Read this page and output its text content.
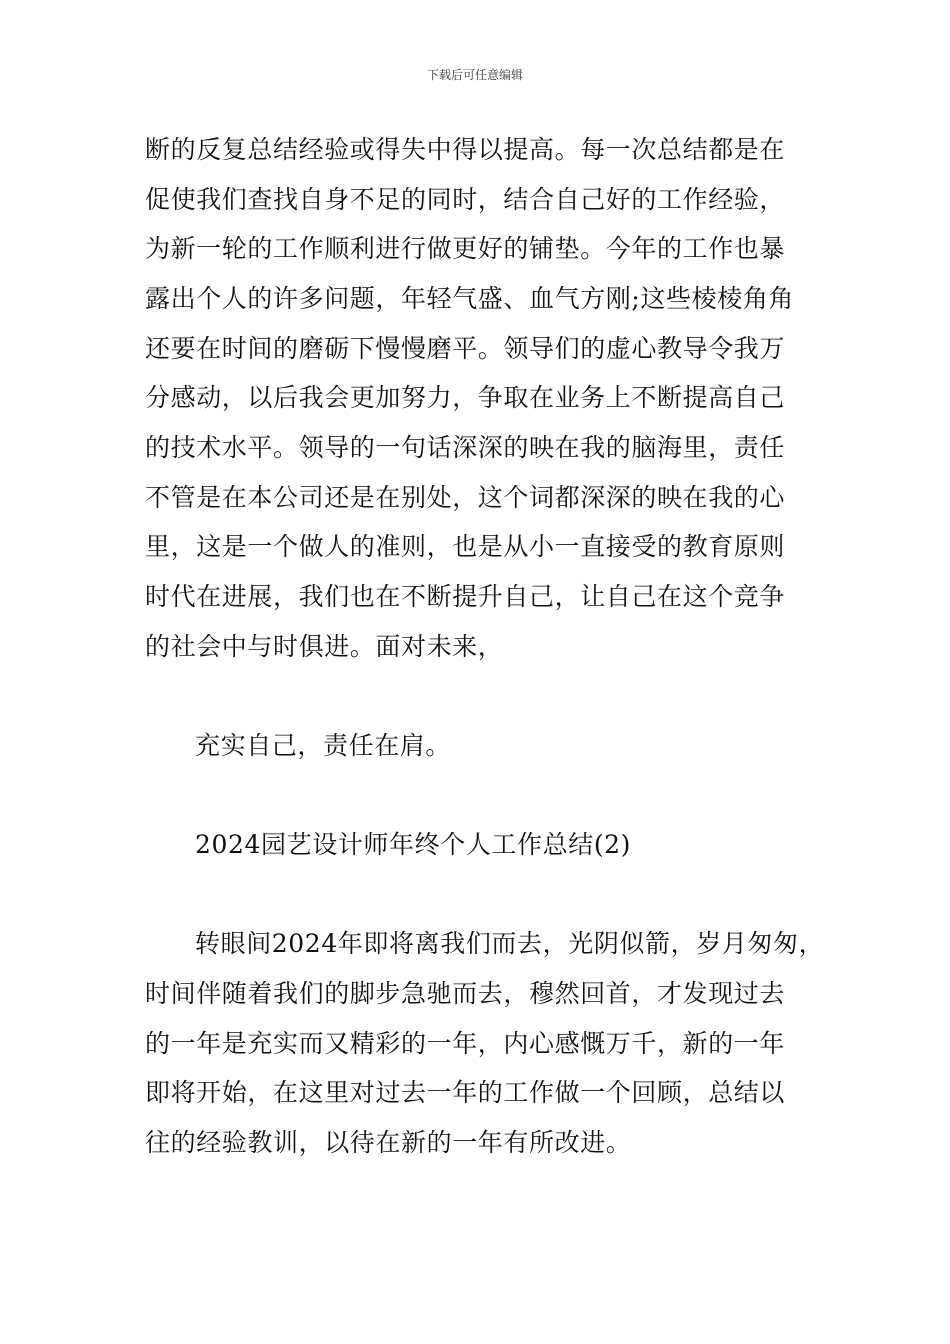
下载后可任意编辑
断的反复总结经验或得失中得以提高。每一次总结都是在
促使我们查找自身不足的同时，结合自己好的工作经验，
为新一轮的工作顺利进行做更好的铺垫。今年的工作也暴
露出个人的许多问题，年轻气盛、血气方刚;这些棱棱角角
还要在时间的磨砺下慢慢磨平。领导们的虚心教导令我万
分感动，以后我会更加努力，争取在业务上不断提高自己
的技术水平。领导的一句话深深的映在我的脑海里，责任
不管是在本公司还是在别处，这个词都深深的映在我的心
里，这是一个做人的准则，也是从小一直接受的教育原则
时代在进展，我们也在不断提升自己，让自己在这个竞争
的社会中与时俱进。面对未来，
充实自己，责任在肩。
2024园艺设计师年终个人工作总结(2)
转眼间2024年即将离我们而去，光阴似箭，岁月匆匆，
时间伴随着我们的脚步急驰而去，穆然回首，才发现过去
的一年是充实而又精彩的一年，内心感慨万千，新的一年
即将开始，在这里对过去一年的工作做一个回顾，总结以
往的经验教训，以待在新的一年有所改进。
